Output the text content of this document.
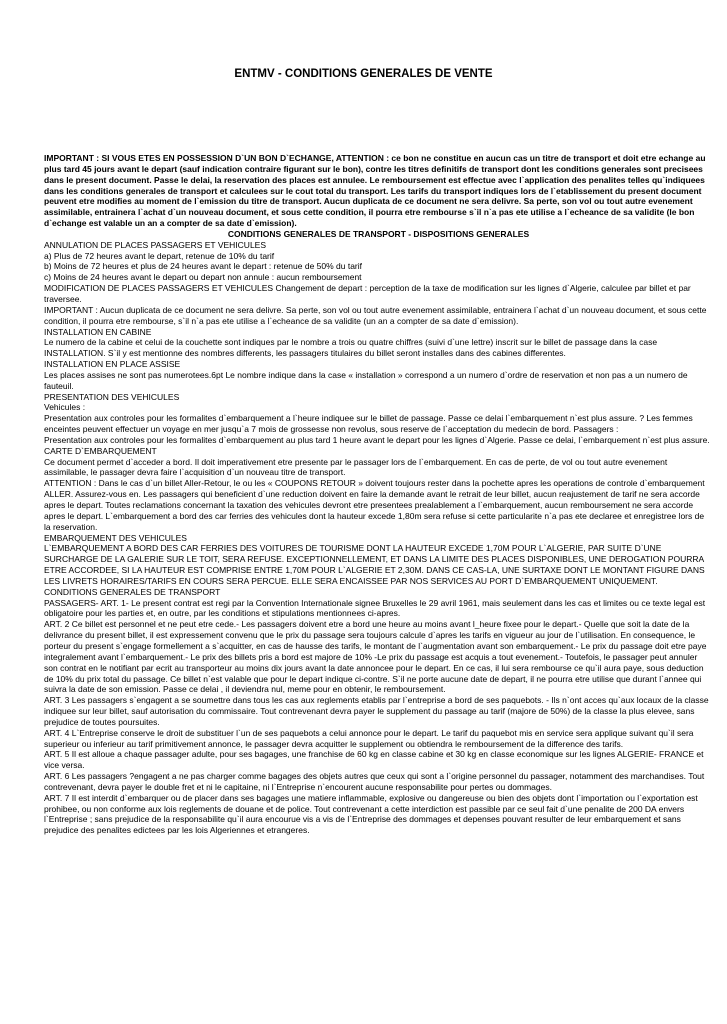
ENTMV - CONDITIONS GENERALES DE VENTE

IMPORTANT : SI VOUS ETES EN POSSESSION D`UN BON D`ECHANGE, ATTENTION : ce bon ne constitue en aucun cas un titre de transport et doit etre echange au plus tard 45 jours avant le depart (sauf indication contraire figurant sur le bon), contre les titres definitifs de transport dont les conditions generales sont precisees dans le present document. Passe le delai, la reservation des places est annulee. Le remboursement est effectue avec l`application des penalites telles qu`indiquees dans les conditions generales de transport et calculees sur le cout total du transport. Les tarifs du transport indiques lors de l`etablissement du present document peuvent etre modifies au moment de l`emission du titre de transport. Aucun duplicata de ce document ne sera delivre. Sa perte, son vol ou tout autre evenement assimilable, entrainera l`achat d`un nouveau document, et sous cette condition, il pourra etre rembourse s`il n`a pas ete utilise a l`echeance de sa validite (le bon d`echange est valable un an a compter de sa date d`emission).

CONDITIONS GENERALES DE TRANSPORT - DISPOSITIONS GENERALES

ANNULATION DE PLACES PASSAGERS ET VEHICULES

a) Plus de 72 heures avant le depart, retenue de 10% du tarif

b) Moins de 72 heures et plus de 24 heures avant le depart : retenue de 50% du tarif

c) Moins de 24 heures avant le depart ou depart non annule : aucun remboursement

MODIFICATION DE PLACES PASSAGERS ET VEHICULES Changement de depart : perception de la taxe de modification sur les lignes d`Algerie, calculee par billet et par traversee.

IMPORTANT : Aucun duplicata de ce document ne sera delivre. Sa perte, son vol ou tout autre evenement assimilable, entrainera l`achat d`un nouveau document, et sous cette condition, il pourra etre rembourse, s`il n`a pas ete utilise a l`echeance de sa validite (un an a compter de sa date d`emission).

INSTALLATION EN CABINE

Le numero de la cabine et celui de la couchette sont indiques par le nombre a trois ou quatre chiffres (suivi d`une lettre) inscrit sur le billet de passage dans la case INSTALLATION. S`il y est mentionne des nombres differents, les passagers titulaires du billet seront installes dans des cabines differentes.

INSTALLATION EN PLACE ASSISE

Les places assises ne sont pas numerotees.6pt Le nombre indique dans la case « installation » correspond a un numero d`ordre de reservation et non pas a un numero de fauteuil.

PRESENTATION DES VEHICULES

Vehicules :

Presentation aux controles pour les formalites d`embarquement a l`heure indiquee sur le billet de passage. Passe ce delai l`embarquement n`est plus assure. ? Les femmes enceintes peuvent effectuer un voyage en mer jusqu`a 7 mois de grossesse non revolus, sous reserve de l`acceptation du medecin de bord. Passagers :

Presentation aux controles pour les formalites d`embarquement au plus tard 1 heure avant le depart pour les lignes d`Algerie. Passe ce delai, l`embarquement n`est plus assure.

CARTE D`EMBARQUEMENT

Ce document permet d`acceder a bord. Il doit imperativement etre presente par le passager lors de l`embarquement. En cas de perte, de vol ou tout autre evenement assimilable, le passager devra faire l`acquisition d`un nouveau titre de transport.

ATTENTION : Dans le cas d`un billet Aller-Retour, le ou les « COUPONS RETOUR » doivent toujours rester dans la pochette apres les operations de controle d`embarquement ALLER. Assurez-vous en. Les passagers qui beneficient d`une reduction doivent en faire la demande avant le retrait de leur billet, aucun reajustement de tarif ne sera accorde apres le depart. Toutes reclamations concernant la taxation des vehicules devront etre presentees prealablement a l`embarquement, aucun remboursement ne sera accorde apres le depart. L`embarquement a bord des car ferries des vehicules dont la hauteur excede 1,80m sera refuse si cette particularite n`a pas ete declaree et enregistree lors de la reservation.

EMBARQUEMENT DES VEHICULES

L`EMBARQUEMENT A BORD DES CAR FERRIES DES VOITURES DE TOURISME DONT LA HAUTEUR EXCEDE 1,70M POUR L`ALGERIE, PAR SUITE D`UNE SURCHARGE DE LA GALERIE SUR LE TOIT, SERA REFUSE. EXCEPTIONNELLEMENT, ET DANS LA LIMITE DES PLACES DISPONIBLES, UNE DEROGATION POURRA ETRE ACCORDEE, SI LA HAUTEUR EST COMPRISE ENTRE 1,70M POUR L`ALGERIE ET 2,30M. DANS CE CAS-LA, UNE SURTAXE DONT LE MONTANT FIGURE DANS LES LIVRETS HORAIRES/TARIFS EN COURS SERA PERCUE. ELLE SERA ENCAISSEE PAR NOS SERVICES AU PORT D`EMBARQUEMENT UNIQUEMENT.

CONDITIONS GENERALES DE TRANSPORT

PASSAGERS- ART. 1- Le present contrat est regi par la Convention Internationale signee Bruxelles le 29 avril 1961, mais seulement dans les cas et limites ou ce texte legal est obligatoire pour les parties et, en outre, par les conditions et stipulations mentionnees ci-apres.

ART. 2 Ce billet est personnel et ne peut etre cede.- Les passagers doivent etre a bord une heure au moins avant l_heure fixee pour le depart.- Quelle que soit la date de la delivrance du present billet, il est expressement convenu que le prix du passage sera toujours calcule d`apres les tarifs en vigueur au jour de l`utilisation. En consequence, le porteur du present s`engage formellement a s`acquitter, en cas de hausse des tarifs, le montant de l`augmentation avant son embarquement.- Le prix du passage doit etre paye integralement avant l`embarquement.- Le prix des billets pris a bord est majore de 10% -Le prix du passage est acquis a tout evenement.- Toutefois, le passager peut annuler son contrat en le notifiant par ecrit au transporteur au moins dix jours avant la date annoncee pour le depart. En ce cas, il lui sera rembourse ce qu`il aura paye, sous deduction de 10% du prix total du passage. Ce billet n`est valable que pour le depart indique ci-contre. S`il ne porte aucune date de depart, il ne pourra etre utilise que durant l`annee qui suivra la date de son emission. Passe ce delai , il deviendra nul, meme pour en obtenir, le remboursement.

ART. 3 Les passagers s`engagent a se soumettre dans tous les cas aux reglements etablis par l`entreprise a bord de ses paquebots. - Ils n`ont acces qu`aux locaux de la classe indiquee sur leur billet, sauf autorisation du commissaire. Tout contrevenant devra payer le supplement du passage au tarif (majore de 50%) de la classe la plus elevee, sans prejudice de toutes poursuites.

ART. 4 L`Entreprise conserve le droit de substituer l`un de ses paquebots a celui annonce pour le depart. Le tarif du paquebot mis en service sera applique suivant qu`il sera superieur ou inferieur au tarif primitivement annonce, le passager devra acquitter le supplement ou obtiendra le remboursement de la difference des tarifs.

ART. 5 Il est alloue a chaque passager adulte, pour ses bagages, une franchise de 60 kg en classe cabine et 30 kg en classe economique sur les lignes ALGERIE- FRANCE et vice versa.

ART. 6 Les passagers ?engagent a ne pas charger comme bagages des objets autres que ceux qui sont a l`origine personnel du passager, notamment des marchandises. Tout contrevenant, devra payer le double fret et ni le capitaine, ni l`Entreprise n`encourent aucune responsabilite pour pertes ou dommages.

ART. 7 Il est interdit d`embarquer ou de placer dans ses bagages une matiere inflammable, explosive ou dangereuse ou bien des objets dont l`importation ou l`exportation est prohibee, ou non conforme aux lois reglements de douane et de police. Tout contrevenant a cette interdiction est passible par ce seul fait d`une penalite de 200 DA envers l`Entreprise ; sans prejudice de la responsabilite qu`il aura encourue vis a vis de l`Entreprise des dommages et depenses pouvant resulter de leur embarquement et sans prejudice des penalites edictees par les lois Algeriennes et etrangeres.
